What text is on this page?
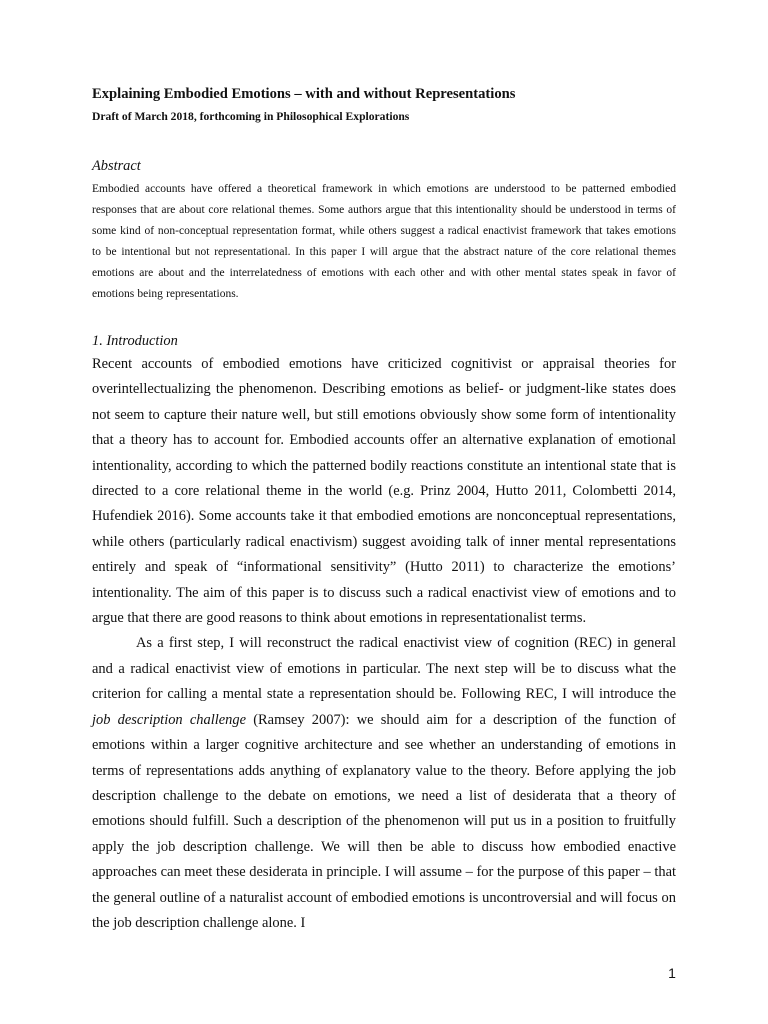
Explaining Embodied Emotions – with and without Representations
Draft of March 2018, forthcoming in Philosophical Explorations
Abstract
Embodied accounts have offered a theoretical framework in which emotions are understood to be patterned embodied responses that are about core relational themes. Some authors argue that this intentionality should be understood in terms of some kind of non-conceptual representation format, while others suggest a radical enactivist framework that takes emotions to be intentional but not representational. In this paper I will argue that the abstract nature of the core relational themes emotions are about and the interrelatedness of emotions with each other and with other mental states speak in favor of emotions being representations.
1. Introduction

Recent accounts of embodied emotions have criticized cognitivist or appraisal theories for overintellectualizing the phenomenon. Describing emotions as belief- or judgment-like states does not seem to capture their nature well, but still emotions obviously show some form of intentionality that a theory has to account for. Embodied accounts offer an alternative explanation of emotional intentionality, according to which the patterned bodily reactions constitute an intentional state that is directed to a core relational theme in the world (e.g. Prinz 2004, Hutto 2011, Colombetti 2014, Hufendiek 2016). Some accounts take it that embodied emotions are nonconceptual representations, while others (particularly radical enactivism) suggest avoiding talk of inner mental representations entirely and speak of “informational sensitivity” (Hutto 2011) to characterize the emotions’ intentionality. The aim of this paper is to discuss such a radical enactivist view of emotions and to argue that there are good reasons to think about emotions in representationalist terms.

As a first step, I will reconstruct the radical enactivist view of cognition (REC) in general and a radical enactivist view of emotions in particular. The next step will be to discuss what the criterion for calling a mental state a representation should be. Following REC, I will introduce the job description challenge (Ramsey 2007): we should aim for a description of the function of emotions within a larger cognitive architecture and see whether an understanding of emotions in terms of representations adds anything of explanatory value to the theory. Before applying the job description challenge to the debate on emotions, we need a list of desiderata that a theory of emotions should fulfill. Such a description of the phenomenon will put us in a position to fruitfully apply the job description challenge. We will then be able to discuss how embodied enactive approaches can meet these desiderata in principle. I will assume – for the purpose of this paper – that the general outline of a naturalist account of embodied emotions is uncontroversial and will focus on the job description challenge alone. I

1
